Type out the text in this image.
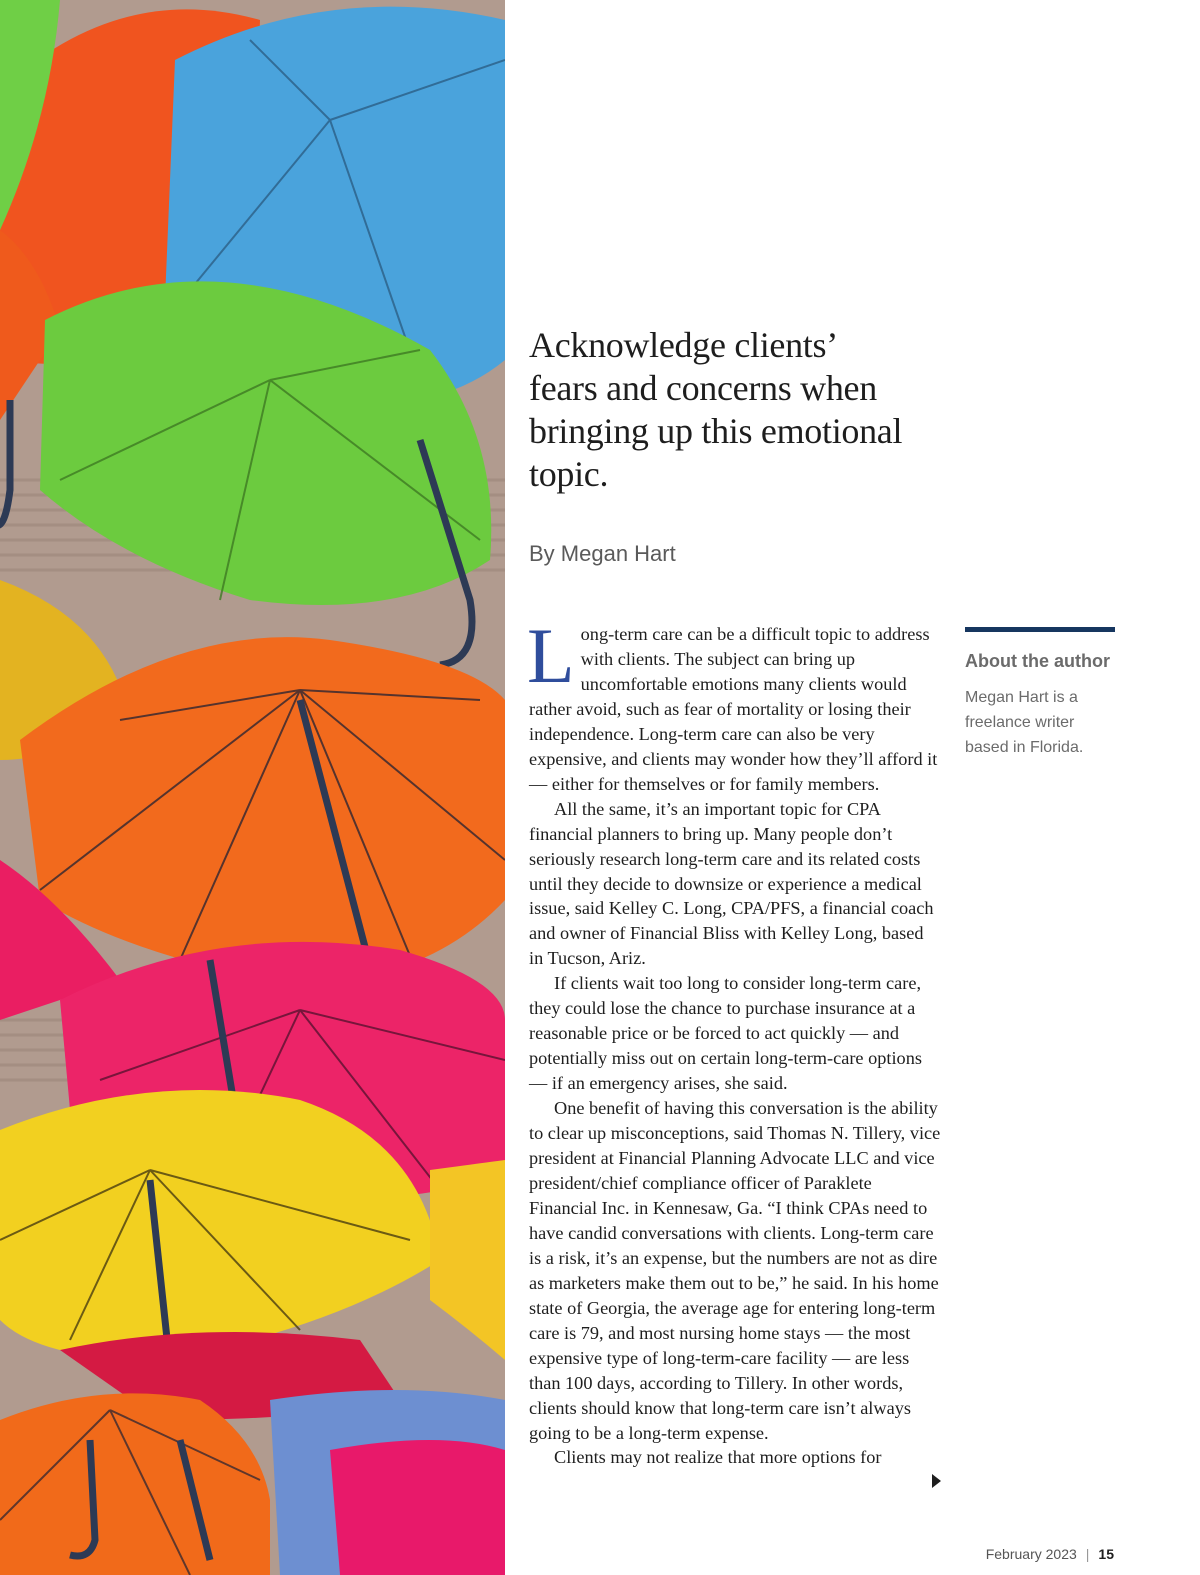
Acknowledge clients’ fears and concerns when bringing up this emotional topic.

By Megan Hart

Long-term care can be a difficult topic to address with clients. The subject can bring up uncomfortable emotions many clients would rather avoid, such as fear of mortality or losing their independence. Long-term care can also be very expensive, and clients may wonder how they’ll afford it — either for themselves or for family members.

All the same, it’s an important topic for CPA financial planners to bring up. Many people don’t seriously research long-term care and its related costs until they decide to downsize or experience a medical issue, said Kelley C. Long, CPA/PFS, a financial coach and owner of Financial Bliss with Kelley Long, based in Tucson, Ariz.

If clients wait too long to consider long-term care, they could lose the chance to purchase insurance at a reasonable price or be forced to act quickly — and potentially miss out on certain long-term-care options — if an emergency arises, she said.

One benefit of having this conversation is the ability to clear up misconceptions, said Thomas N. Tillery, vice president at Financial Planning Advocate LLC and vice president/chief compliance officer of Paraklete Financial Inc. in Kennesaw, Ga. “I think CPAs need to have candid conversations with clients. Long-term care is a risk, it’s an expense, but the numbers are not as dire as marketers make them out to be,” he said. In his home state of Georgia, the average age for entering long-term care is 79, and most nursing home stays — the most expensive type of long-term-care facility — are less than 100 days, according to Tillery. In other words, clients should know that long-term care isn’t always going to be a long-term expense.

Clients may not realize that more options for

About the author

Megan Hart is a freelance writer based in Florida.

February 2023 | 15
